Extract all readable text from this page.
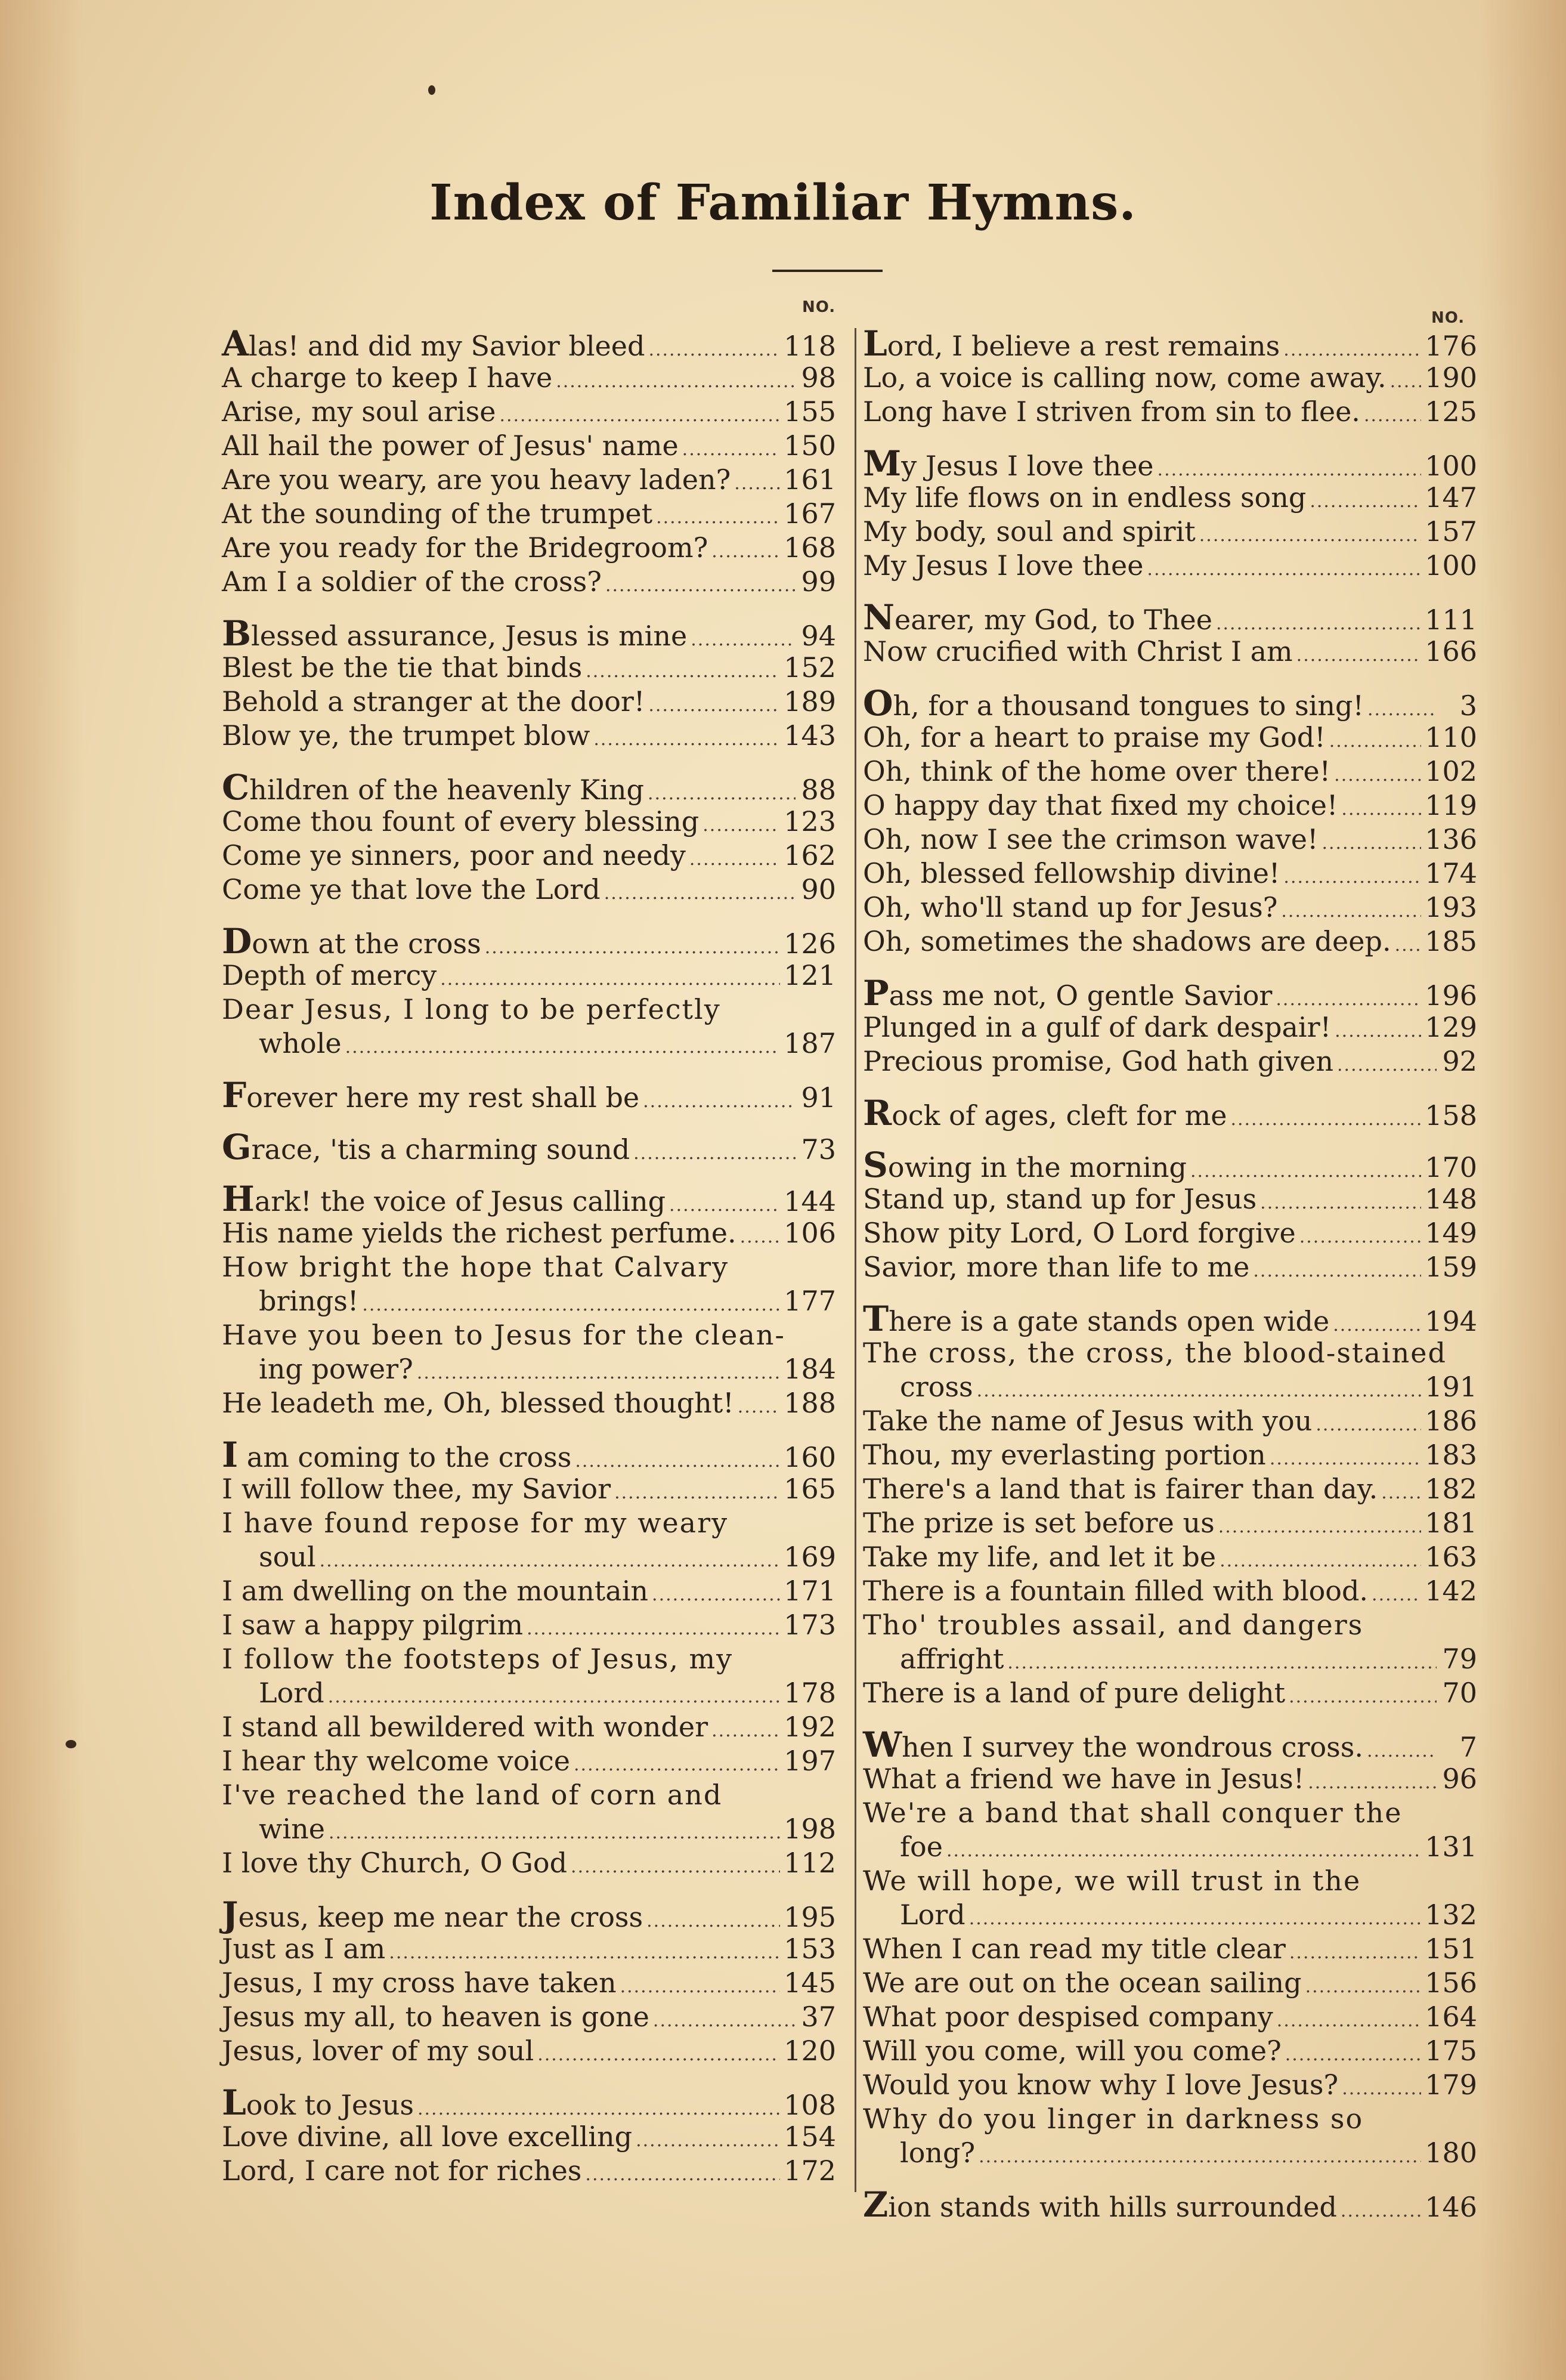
Index of Familiar Hymns.
NO.
NO.
Alas! and did my Savior bleed .....	118
A charge to keep I have .....	98
Arise, my soul arise .....	155
All hail the power of Jesus' name .....	150
Are you weary, are you heavy laden? ..... 161
At the sounding of the trumpet .....	167
Are you ready for the Bridegroom? .....	168
Am I a soldier of the cross? .....	99
Blessed assurance, Jesus is mine .....	94
Blest be the tie that binds .....	152
Behold a stranger at the door! .....	189
Blow ye, the trumpet blow .....	143
Children of the heavenly King .....	88
Come thou fount of every blessing .....	123
Come ye sinners, poor and needy .....	162
Come ye that love the Lord .....	90
Down at the cross .....	126
Depth of mercy .....	121
Dear Jesus, I long to be perfectly
whole .....	187
Forever here my rest shall be .....	91
Grace, 'tis a charming sound .....	73
Hark! the voice of Jesus calling .....	144
His name yields the richest perfume. ..... 106
How bright the hope that Calvary
brings! .....	177
Have you been to Jesus for the clean-
ing power? .....	184
He leadeth me, Oh, blessed thought! ..... 188
I am coming to the cross .....	160
I will follow thee, my Savior .....	165
I have found repose for my weary
soul .....	169
I am dwelling on the mountain .....	171
I saw a happy pilgrim .....	173
I follow the footsteps of Jesus, my
Lord .....	178
I stand all bewildered with wonder .....	192
I hear thy welcome voice .....	197
I've reached the land of corn and
wine .....	198
I love thy Church, O God .....	112
Jesus, keep me near the cross .....	195
Just as I am .....	153
Jesus, I my cross have taken .....	145
Jesus my all, to heaven is gone .....	37
Jesus, lover of my soul .....	120
Look to Jesus .....	108
Love divine, all love excelling .....	154
Lord, I care not for riches .....	172
Lord, I believe a rest remains .....	176
Lo, a voice is calling now, come away. ..... 190
Long have I striven from sin to flee. ..... 125
My Jesus I love thee .....	100
My life flows on in endless song .....	147
My body, soul and spirit .....	157
My Jesus I love thee .....	100
Nearer, my God, to Thee .....	111
Now crucified with Christ I am .....	166
Oh, for a thousand tongues to sing! .....	3
Oh, for a heart to praise my God! .....	110
Oh, think of the home over there! .....	102
O happy day that fixed my choice! .....	119
Oh, now I see the crimson wave! .....	136
Oh, blessed fellowship divine! .....	174
Oh, who'll stand up for Jesus? .....	193
Oh, sometimes the shadows are deep. ..... 185
Pass me not, O gentle Savior .....	196
Plunged in a gulf of dark despair! .....	129
Precious promise, God hath given .....	92
Rock of ages, cleft for me .....	158
Sowing in the morning .....	170
Stand up, stand up for Jesus .....	148
Show pity Lord, O Lord forgive .....	149
Savior, more than life to me .....	159
There is a gate stands open wide .....	194
The cross, the cross, the blood-stained
cross .....	191
Take the name of Jesus with you .....	186
Thou, my everlasting portion .....	183
There's a land that is fairer than day. ..... 182
The prize is set before us .....	181
Take my life, and let it be .....	163
There is a fountain filled with blood. ..... 142
Tho' troubles assail, and dangers
affright .....	79
There is a land of pure delight .....	70
When I survey the wondrous cross. .....	7
What a friend we have in Jesus! .....	96
We're a band that shall conquer the
foe .....	131
We will hope, we will trust in the
Lord .....	132
When I can read my title clear .....	151
We are out on the ocean sailing .....	156
What poor despised company .....	164
Will you come, will you come? .....	175
Would you know why I love Jesus? .....	179
Why do you linger in darkness so
long? .....	180
Zion stands with hills surrounded .....	146
